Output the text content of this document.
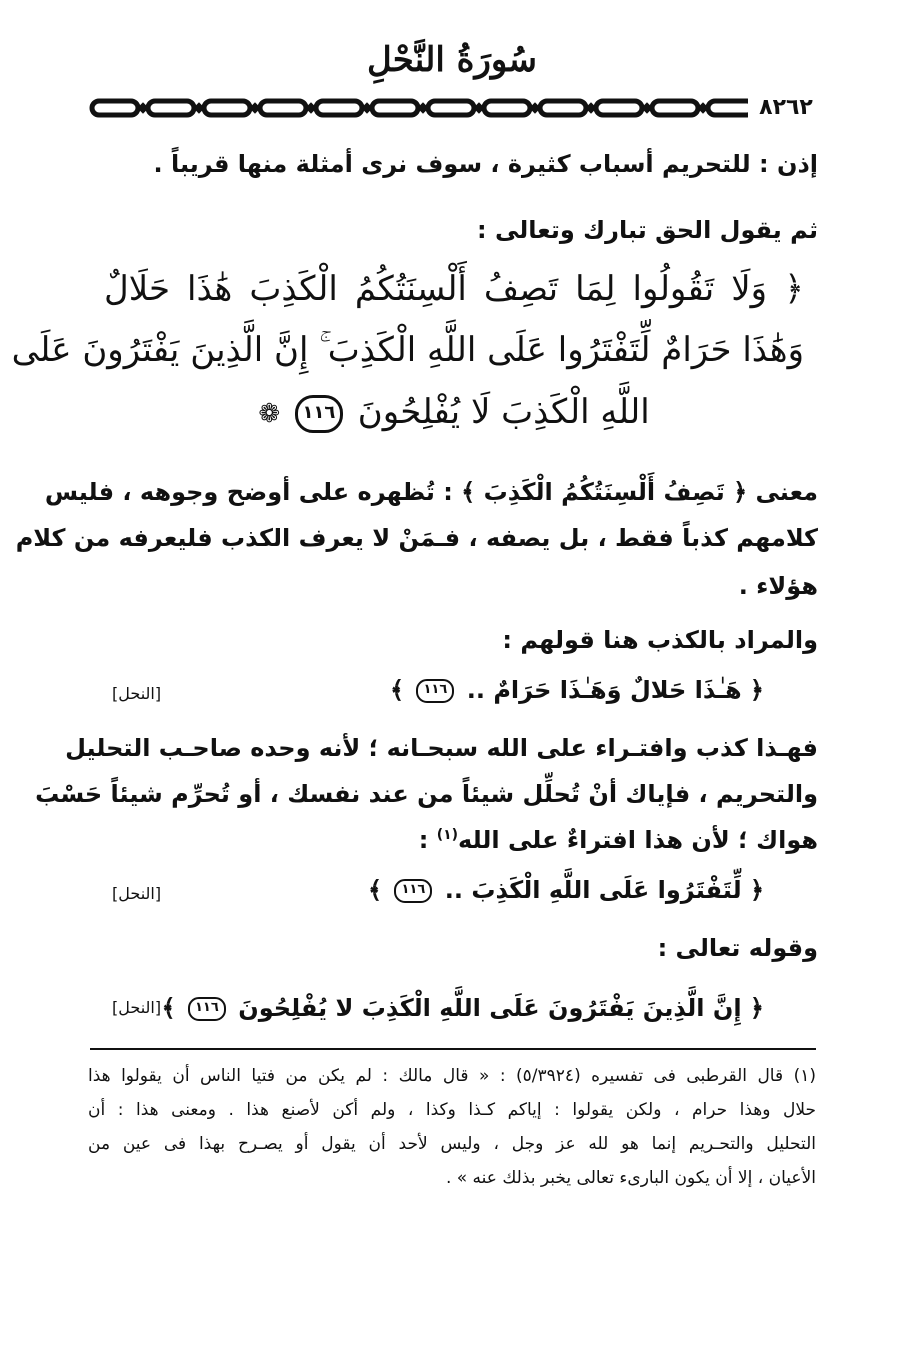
سُورَةُ النَّحْلِ
٨٢٦٢
إذن : للتحريم أسباب كثيرة ، سوف نرى أمثلة منها قريباً .
ثم يقول الحق تبارك وتعالى :
﴿ وَلَا تَقُولُوا لِمَا تَصِفُ أَلْسِنَتُكُمُ الْكَذِبَ هَٰذَا حَلَالٌ
وَهَٰذَا حَرَامٌ لِّتَفْتَرُوا عَلَى اللَّهِ الْكَذِبَ ۚ إِنَّ الَّذِينَ يَفْتَرُونَ عَلَى
اللَّهِ الْكَذِبَ لَا يُفْلِحُونَ ١١٦ ❁
معنى ﴿ تَصِفُ أَلْسِنَتُكُمُ الْكَذِبَ ﴾ : تُظهره على أوضح وجوهه ، فليس
كلامهم كذباً فقط ، بل يصفه ، فـمَنْ لا يعرف الكذب فليعرفه من كلام
هؤلاء .
والمراد بالكذب هنا قولهم :
﴿ هَـٰذَا حَلالٌ وَهَـٰذَا حَرَامٌ .. ١١٦ ﴾
[النحل]
فهـذا كذب وافتـراء على الله سبحـانه ؛ لأنه وحده صاحـب التحليل
والتحريم ، فإياك أنْ تُحلِّل شيئاً من عند نفسك ، أو تُحرِّم شيئاً حَسْبَ
هواك ؛ لأن هذا افتراءٌ على الله$^{(١)}$ :
﴿ لِّتَفْتَرُوا عَلَى اللَّهِ الْكَذِبَ .. ١١٦ ﴾
[النحل]
وقوله تعالى :
﴿ إِنَّ الَّذِينَ يَفْتَرُونَ عَلَى اللَّهِ الْكَذِبَ لا يُفْلِحُونَ ١١٦ ﴾
[النحل]
(١) قال القرطبى فى تفسيره (٥/٣٩٢٤) : « قال مالك : لم يكن من فتيا الناس أن يقولوا هذا
حلال وهذا حرام ، ولكن يقولوا : إياكم كـذا وكذا ، ولم أكن لأصنع هذا . ومعنى هذا : أن
التحليل والتحـريم إنما هو لله عز وجل ، وليس لأحد أن يقول أو يصـرح بهذا فى عين من
الأعيان ، إلا أن يكون البارىء تعالى يخبر بذلك عنه » .
